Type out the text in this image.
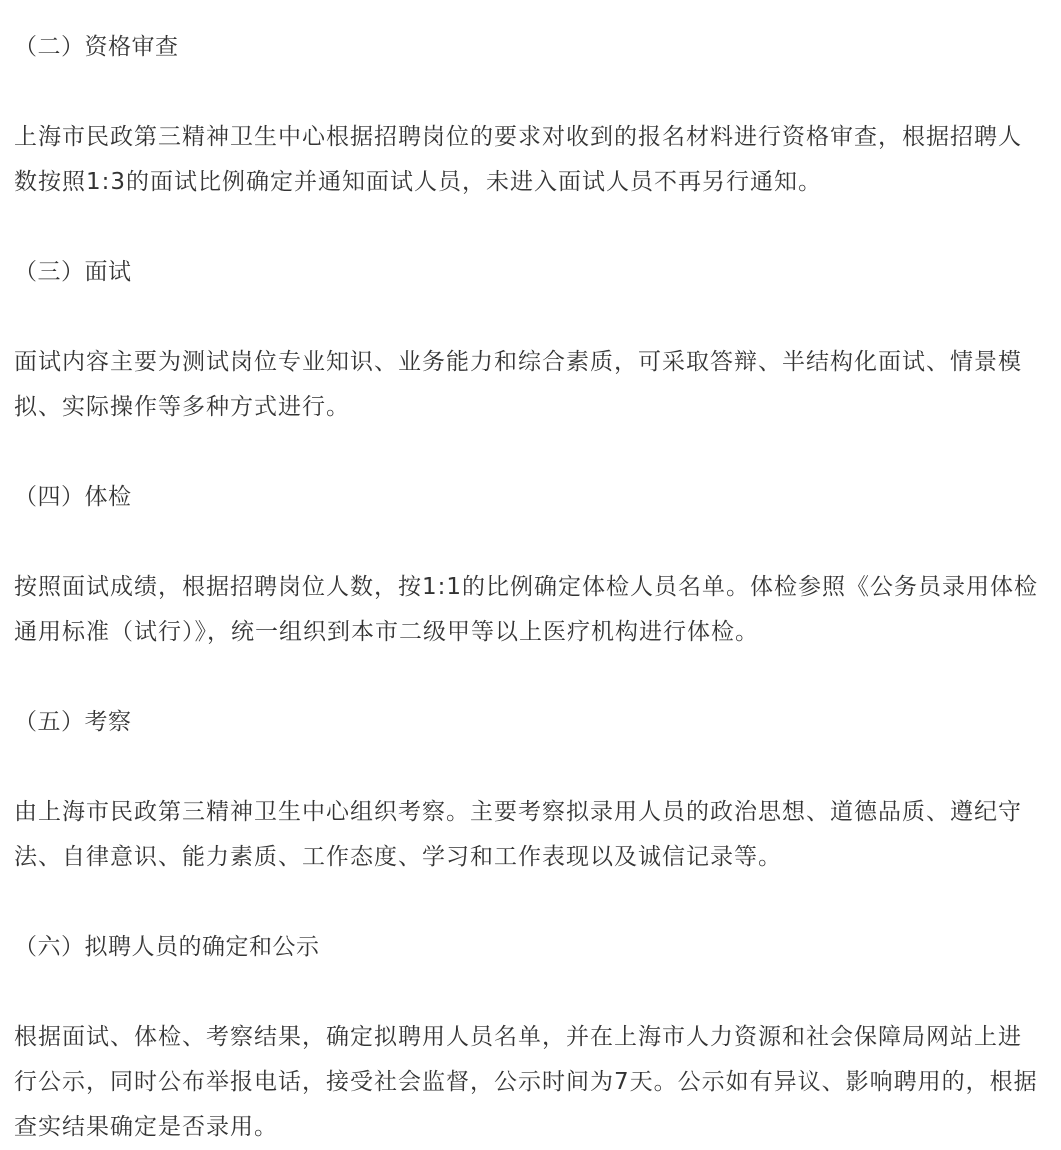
（二）资格审查

上海市民政第三精神卫生中心根据招聘岗位的要求对收到的报名材料进行资格审查，根据招聘人数按照1:3的面试比例确定并通知面试人员，未进入面试人员不再另行通知。

（三）面试

面试内容主要为测试岗位专业知识、业务能力和综合素质，可采取答辩、半结构化面试、情景模拟、实际操作等多种方式进行。

（四）体检

按照面试成绩，根据招聘岗位人数，按1:1的比例确定体检人员名单。体检参照《公务员录用体检通用标准（试行）》，统一组织到本市二级甲等以上医疗机构进行体检。

（五）考察

由上海市民政第三精神卫生中心组织考察。主要考察拟录用人员的政治思想、道德品质、遵纪守法、自律意识、能力素质、工作态度、学习和工作表现以及诚信记录等。

（六）拟聘人员的确定和公示

根据面试、体检、考察结果，确定拟聘用人员名单，并在上海市人力资源和社会保障局网站上进行公示，同时公布举报电话，接受社会监督，公示时间为7天。公示如有异议、影响聘用的，根据查实结果确定是否录用。
